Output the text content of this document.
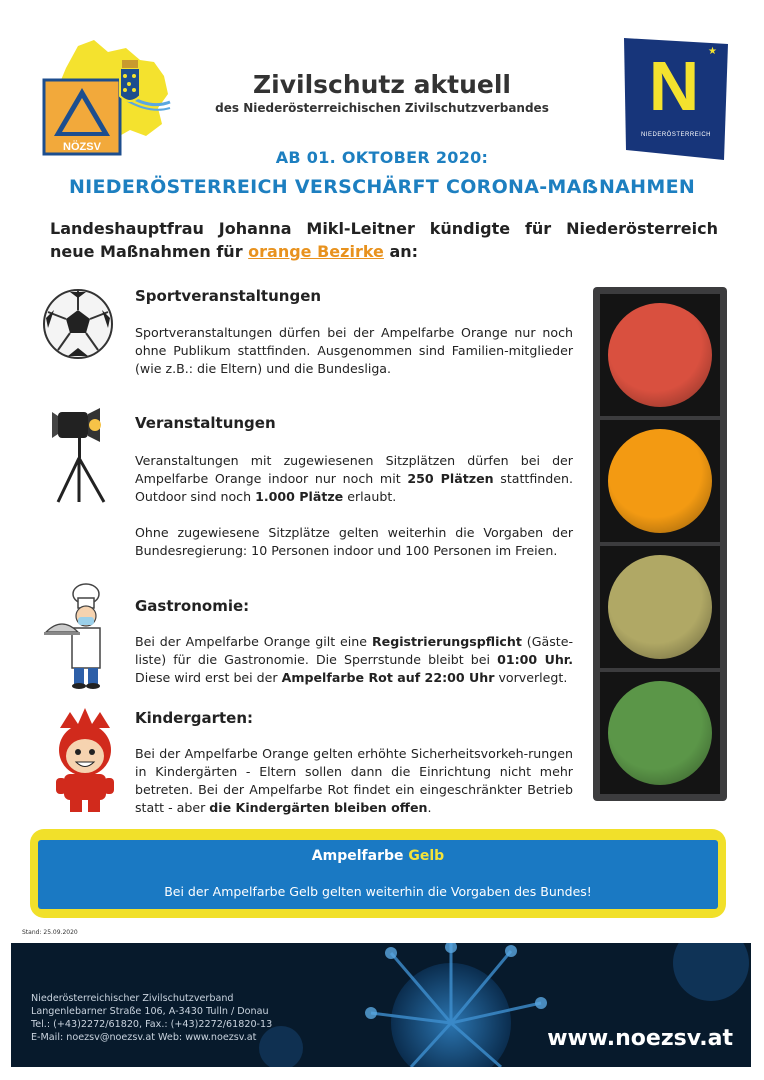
NÖZSV
Zivilschutz aktuell
des Niederösterreichischen Zivilschutzverbandes	N ★
NIEDERÖSTERREICH
AB 01. OKTOBER 2020:
NIEDERÖSTERREICH VERSCHÄRFT CORONA-MAẞNAHMEN
Landeshauptfrau Johanna Mikl-Leitner kündigte für Niederösterreich neue Maßnahmen für orange Bezirke an:
Sportveranstaltungen
Sportveranstaltungen dürfen bei der Ampelfarbe Orange nur noch ohne Publikum stattfinden. Ausgenommen sind Familien-mitglieder (wie z.B.: die Eltern) und die Bundesliga.
Veranstaltungen
Veranstaltungen mit zugewiesenen Sitzplätzen dürfen bei der Ampelfarbe Orange indoor nur noch mit 250 Plätzen stattfinden. Outdoor sind noch 1.000 Plätze erlaubt.
Ohne zugewiesene Sitzplätze gelten weiterhin die Vorgaben der Bundesregierung: 10 Personen indoor und 100 Personen im Freien.
Gastronomie:
Bei der Ampelfarbe Orange gilt eine Registrierungspflicht (Gäste-liste) für die Gastronomie. Die Sperrstunde bleibt bei 01:00 Uhr. Diese wird erst bei der Ampelfarbe Rot auf 22:00 Uhr vorverlegt.
Kindergarten:
Bei der Ampelfarbe Orange gelten erhöhte Sicherheitsvorkeh-rungen in Kindergärten - Eltern sollen dann die Einrichtung nicht mehr betreten. Bei der Ampelfarbe Rot findet ein eingeschränkter Betrieb statt - aber die Kindergärten bleiben offen.
Ampelfarbe Gelb
Bei der Ampelfarbe Gelb gelten weiterhin die Vorgaben des Bundes!
Stand: 25.09.2020
Niederösterreichischer Zivilschutzverband
Langenlebarner Straße 106, A-3430 Tulln / Donau
Tel.: (+43)2272/61820, Fax.: (+43)2272/61820-13
E-Mail: noezsv@noezsv.at Web: www.noezsv.at	www.noezsv.at
